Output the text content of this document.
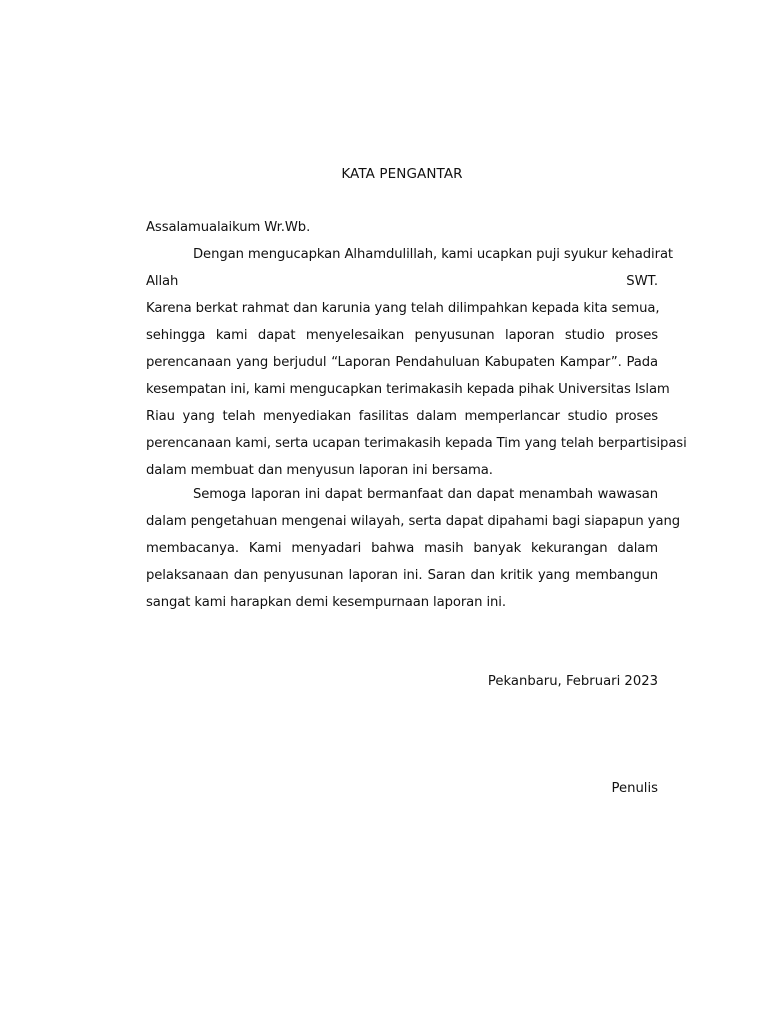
KATA PENGANTAR
Assalamualaikum Wr.Wb.
Dengan mengucapkan Alhamdulillah, kami ucapkan puji syukur kehadirat
Allah	SWT.
Karena berkat rahmat dan karunia yang telah dilimpahkan kepada kita semua,
sehingga kami dapat menyelesaikan penyusunan laporan studio proses
perencanaan yang berjudul “Laporan Pendahuluan Kabupaten Kampar”. Pada
kesempatan ini, kami mengucapkan terimakasih kepada pihak Universitas Islam
Riau yang telah menyediakan fasilitas dalam memperlancar studio proses
perencanaan kami, serta ucapan terimakasih kepada Tim yang telah berpartisipasi
dalam membuat dan menyusun laporan ini bersama.
Semoga laporan ini dapat bermanfaat dan dapat menambah wawasan
dalam pengetahuan mengenai wilayah, serta dapat dipahami bagi siapapun yang
membacanya. Kami menyadari bahwa masih banyak kekurangan dalam
pelaksanaan dan penyusunan laporan ini. Saran dan kritik yang membangun
sangat kami harapkan demi kesempurnaan laporan ini.
Pekanbaru, Februari 2023
Penulis
